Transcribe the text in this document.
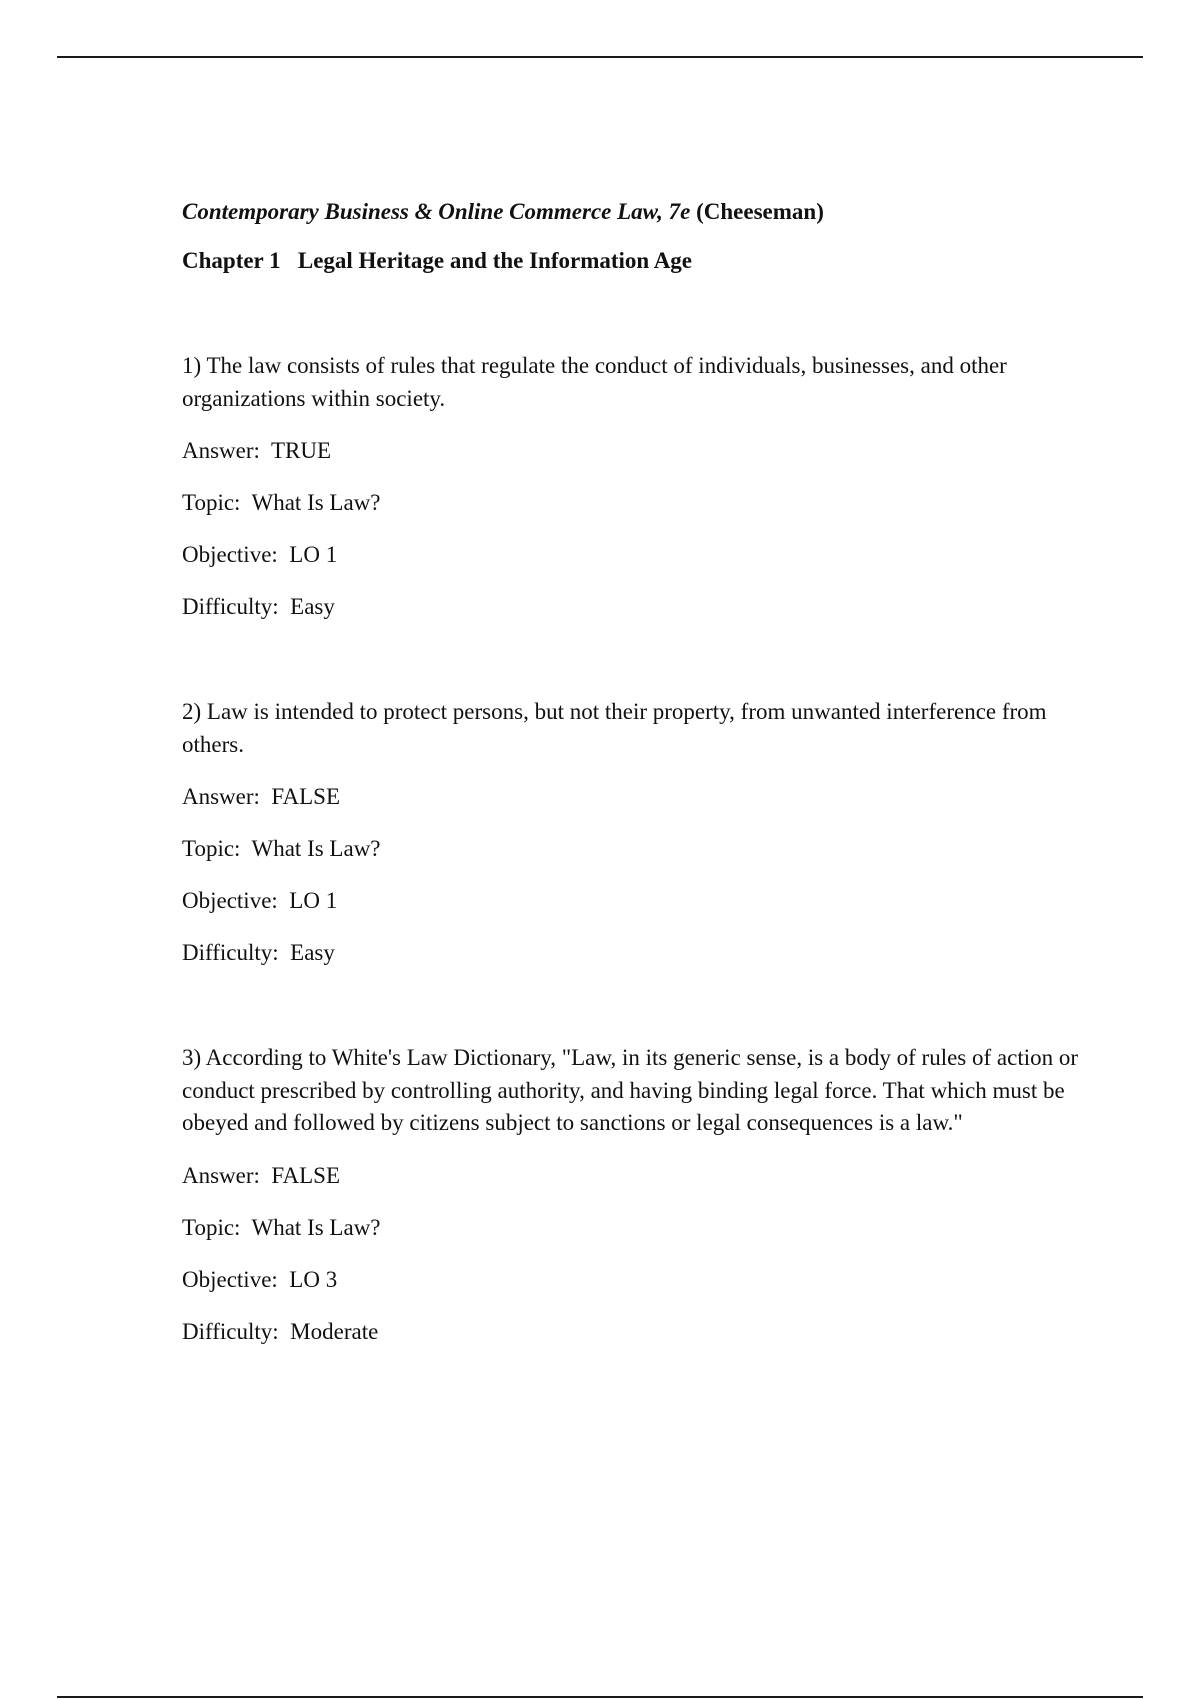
Contemporary Business & Online Commerce Law, 7e (Cheeseman)

Chapter 1   Legal Heritage and the Information Age

1) The law consists of rules that regulate the conduct of individuals, businesses, and other organizations within society.

Answer:  TRUE

Topic:  What Is Law?

Objective:  LO 1

Difficulty:  Easy

2) Law is intended to protect persons, but not their property, from unwanted interference from others.

Answer:  FALSE

Topic:  What Is Law?

Objective:  LO 1

Difficulty:  Easy

3) According to White's Law Dictionary, "Law, in its generic sense, is a body of rules of action or conduct prescribed by controlling authority, and having binding legal force. That which must be obeyed and followed by citizens subject to sanctions or legal consequences is a law."

Answer:  FALSE

Topic:  What Is Law?

Objective:  LO 3

Difficulty:  Moderate
